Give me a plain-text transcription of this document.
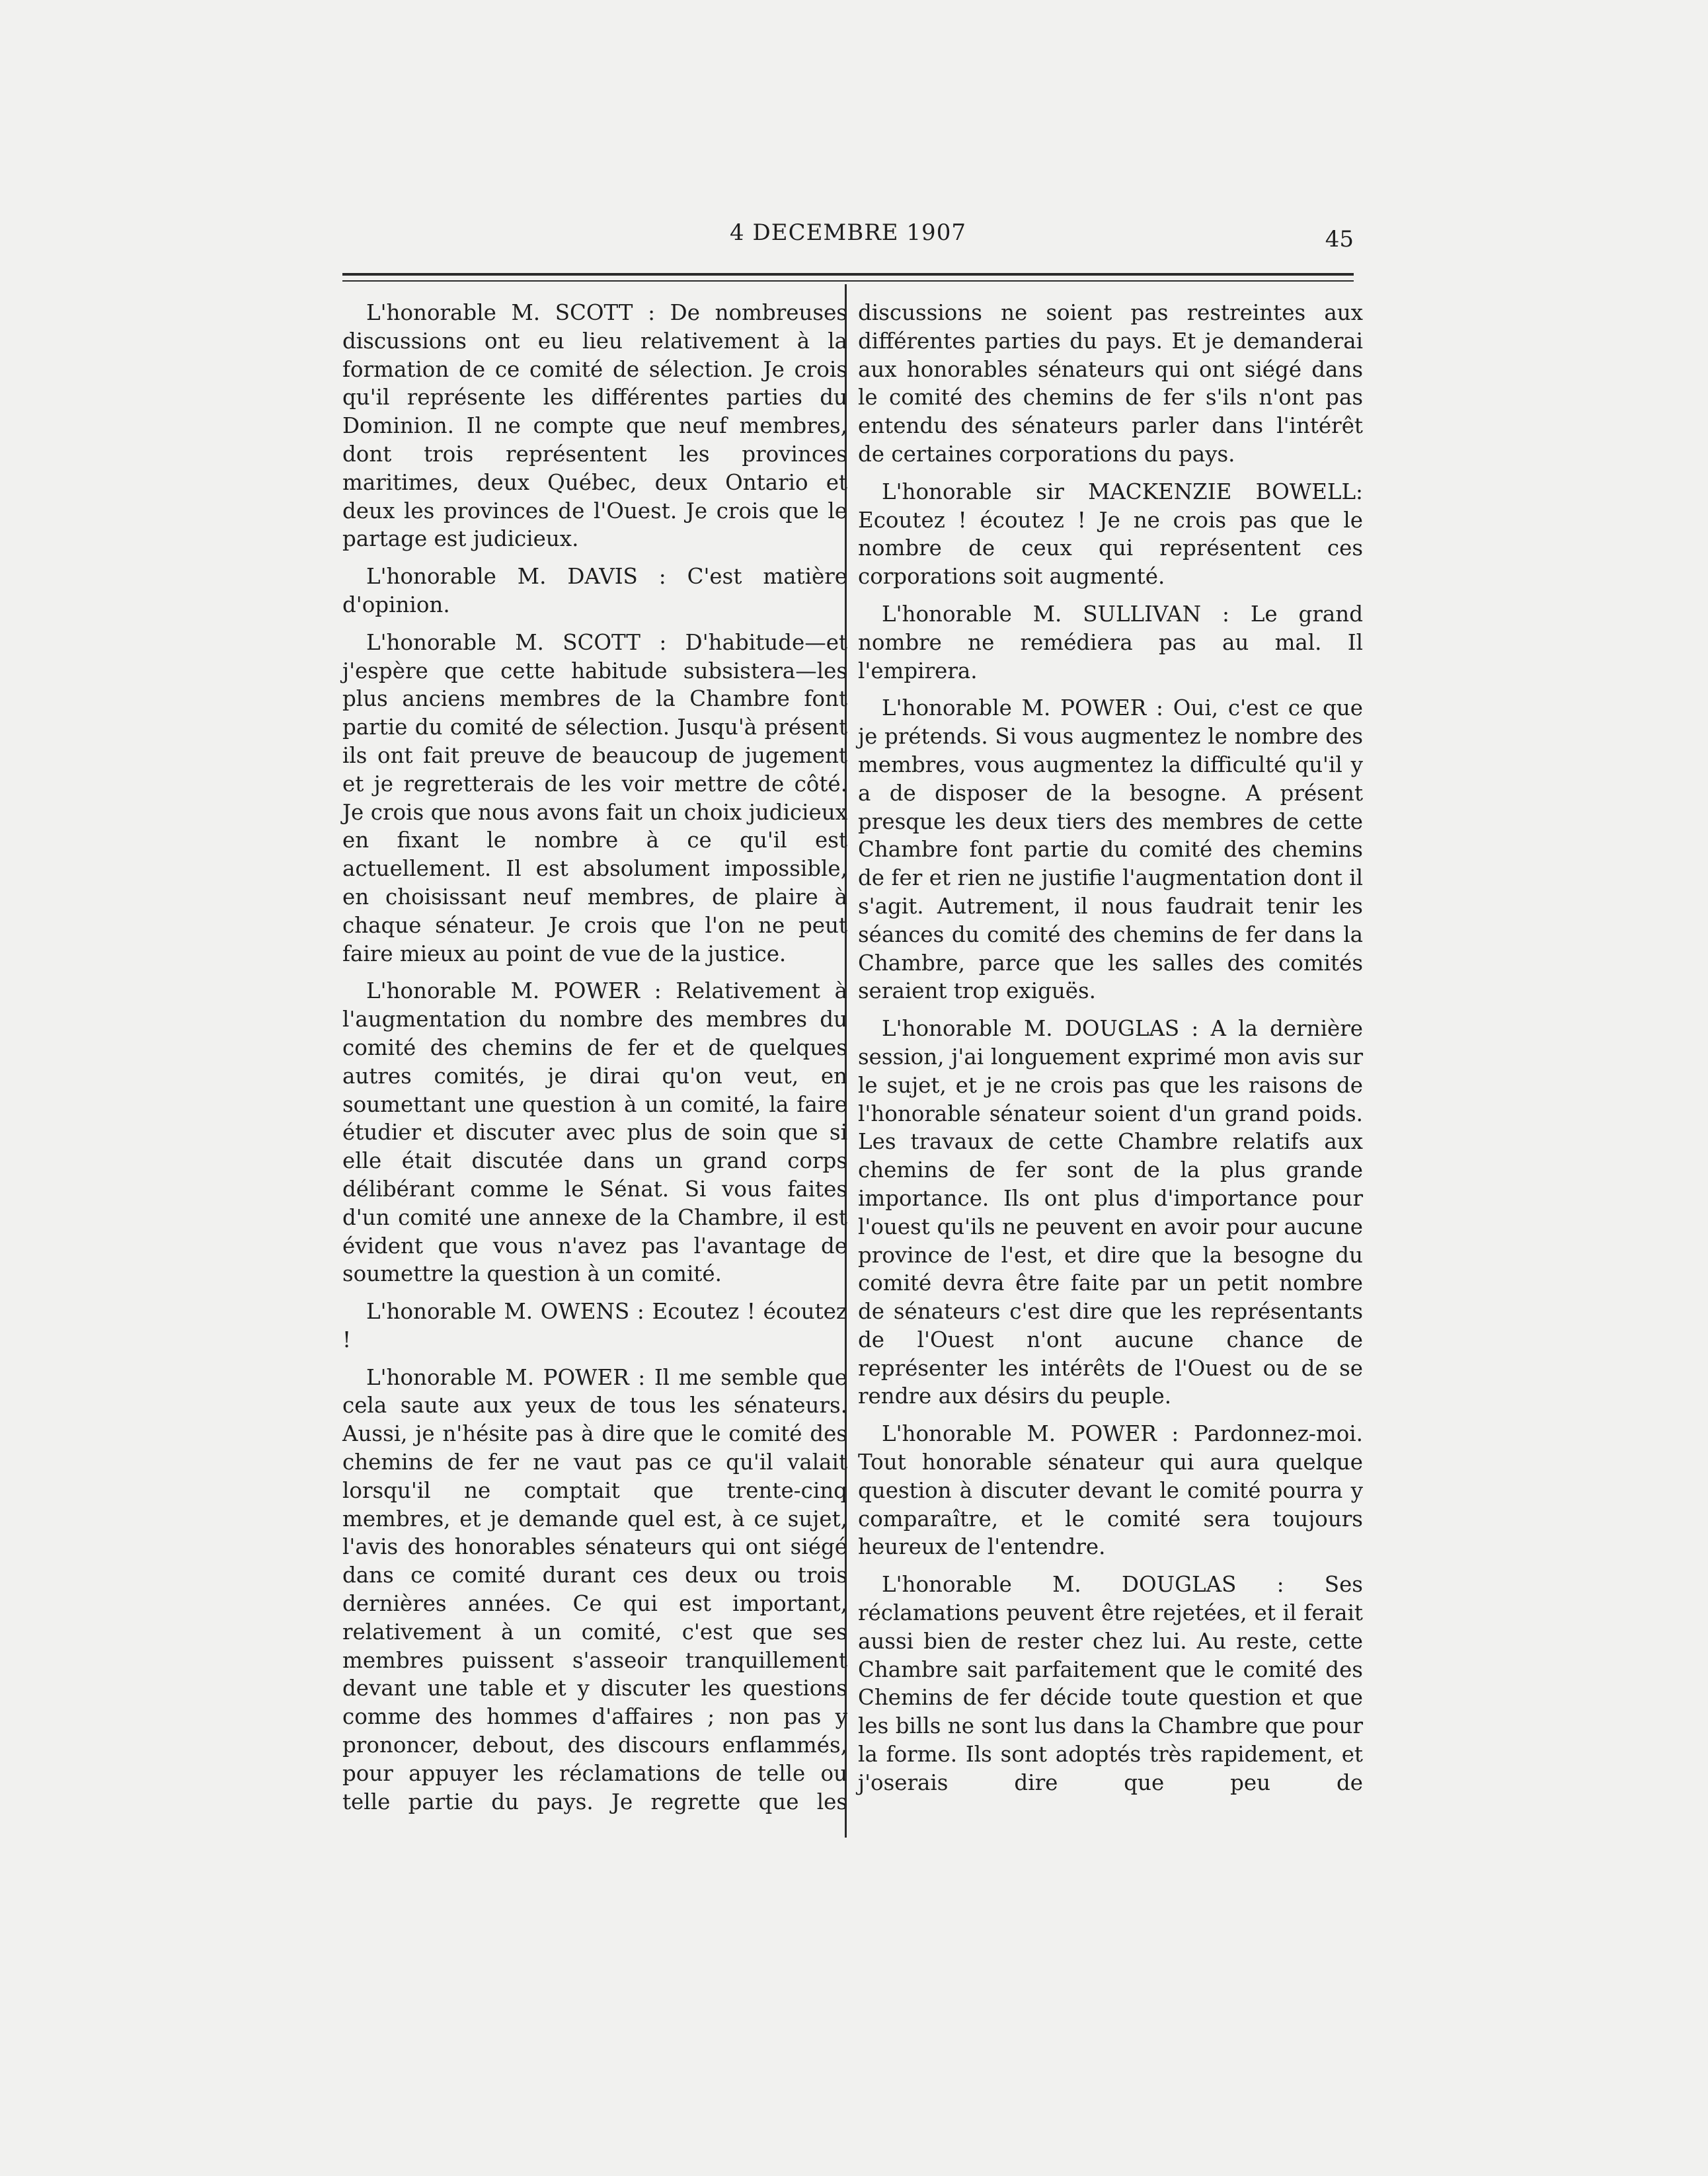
4 DECEMBRE 1907	45

L'honorable M. SCOTT : De nombreuses discussions ont eu lieu relativement à la formation de ce comité de sélection. Je crois qu'il représente les différentes parties du Dominion. Il ne compte que neuf membres, dont trois représentent les provinces maritimes, deux Québec, deux Ontario et deux les provinces de l'Ouest. Je crois que le partage est judicieux.

L'honorable M. DAVIS : C'est matière d'opinion.

L'honorable M. SCOTT : D'habitude—et j'espère que cette habitude subsistera—les plus anciens membres de la Chambre font partie du comité de sélection. Jusqu'à présent ils ont fait preuve de beaucoup de jugement et je regretterais de les voir mettre de côté. Je crois que nous avons fait un choix judicieux en fixant le nombre à ce qu'il est actuellement. Il est absolument impossible, en choisissant neuf membres, de plaire à chaque sénateur. Je crois que l'on ne peut faire mieux au point de vue de la justice.

L'honorable M. POWER : Relativement à l'augmentation du nombre des membres du comité des chemins de fer et de quelques autres comités, je dirai qu'on veut, en soumettant une question à un comité, la faire étudier et discuter avec plus de soin que si elle était discutée dans un grand corps délibérant comme le Sénat. Si vous faites d'un comité une annexe de la Chambre, il est évident que vous n'avez pas l'avantage de soumettre la question à un comité.

L'honorable M. OWENS : Ecoutez ! écoutez !

L'honorable M. POWER : Il me semble que cela saute aux yeux de tous les sénateurs. Aussi, je n'hésite pas à dire que le comité des chemins de fer ne vaut pas ce qu'il valait lorsqu'il ne comptait que trente-cinq membres, et je demande quel est, à ce sujet, l'avis des honorables sénateurs qui ont siégé dans ce comité durant ces deux ou trois dernières années. Ce qui est important, relativement à un comité, c'est que ses membres puissent s'asseoir tranquillement devant une table et y discuter les questions comme des hommes d'affaires ; non pas y prononcer, debout, des discours enflammés, pour appuyer les réclamations de telle ou telle partie du pays. Je regrette que les

discussions ne soient pas restreintes aux différentes parties du pays. Et je demanderai aux honorables sénateurs qui ont siégé dans le comité des chemins de fer s'ils n'ont pas entendu des sénateurs parler dans l'intérêt de certaines corporations du pays.

L'honorable sir MACKENZIE BOWELL: Ecoutez ! écoutez ! Je ne crois pas que le nombre de ceux qui représentent ces corporations soit augmenté.

L'honorable M. SULLIVAN : Le grand nombre ne remédiera pas au mal. Il l'empirera.

L'honorable M. POWER : Oui, c'est ce que je prétends. Si vous augmentez le nombre des membres, vous augmentez la difficulté qu'il y a de disposer de la besogne. A présent presque les deux tiers des membres de cette Chambre font partie du comité des chemins de fer et rien ne justifie l'augmentation dont il s'agit. Autrement, il nous faudrait tenir les séances du comité des chemins de fer dans la Chambre, parce que les salles des comités seraient trop exiguës.

L'honorable M. DOUGLAS : A la dernière session, j'ai longuement exprimé mon avis sur le sujet, et je ne crois pas que les raisons de l'honorable sénateur soient d'un grand poids. Les travaux de cette Chambre relatifs aux chemins de fer sont de la plus grande importance. Ils ont plus d'importance pour l'ouest qu'ils ne peuvent en avoir pour aucune province de l'est, et dire que la besogne du comité devra être faite par un petit nombre de sénateurs c'est dire que les représentants de l'Ouest n'ont aucune chance de représenter les intérêts de l'Ouest ou de se rendre aux désirs du peuple.

L'honorable M. POWER : Pardonnez-moi. Tout honorable sénateur qui aura quelque question à discuter devant le comité pourra y comparaître, et le comité sera toujours heureux de l'entendre.

L'honorable M. DOUGLAS : Ses réclamations peuvent être rejetées, et il ferait aussi bien de rester chez lui. Au reste, cette Chambre sait parfaitement que le comité des Chemins de fer décide toute question et que les bills ne sont lus dans la Chambre que pour la forme. Ils sont adoptés très rapidement, et j'oserais dire que peu de
